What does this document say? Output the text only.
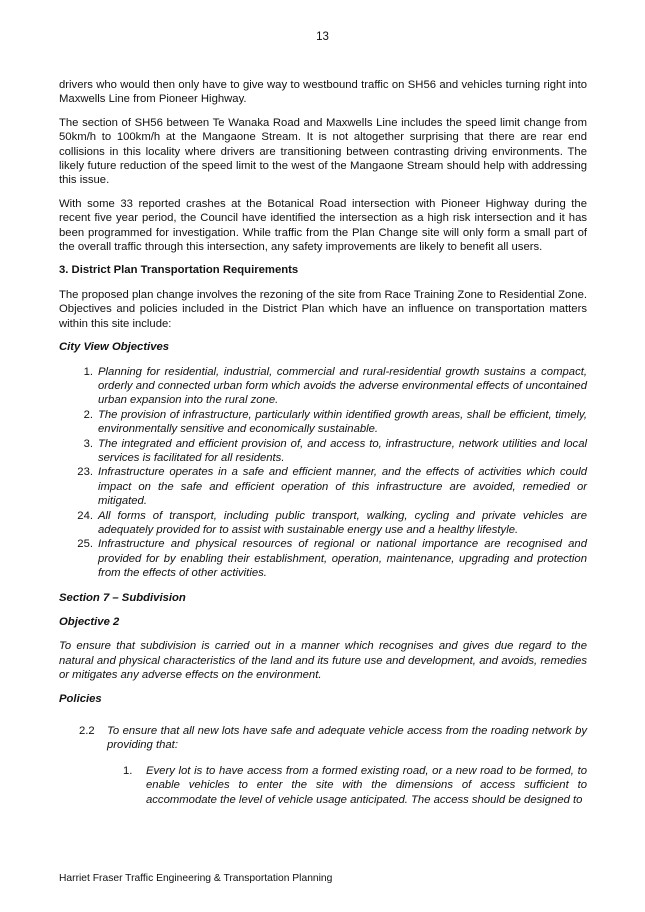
13

drivers who would then only have to give way to westbound traffic on SH56 and vehicles turning right into Maxwells Line from Pioneer Highway.

The section of SH56 between Te Wanaka Road and Maxwells Line includes the speed limit change from 50km/h to 100km/h at the Mangaone Stream. It is not altogether surprising that there are rear end collisions in this locality where drivers are transitioning between contrasting driving environments. The likely future reduction of the speed limit to the west of the Mangaone Stream should help with addressing this issue.

With some 33 reported crashes at the Botanical Road intersection with Pioneer Highway during the recent five year period, the Council have identified the intersection as a high risk intersection and it has been programmed for investigation. While traffic from the Plan Change site will only form a small part of the overall traffic through this intersection, any safety improvements are likely to benefit all users.

3. District Plan Transportation Requirements

The proposed plan change involves the rezoning of the site from Race Training Zone to Residential Zone. Objectives and policies included in the District Plan which have an influence on transportation matters within this site include:

City View Objectives
1. Planning for residential, industrial, commercial and rural-residential growth sustains a compact, orderly and connected urban form which avoids the adverse environmental effects of uncontained urban expansion into the rural zone.
2. The provision of infrastructure, particularly within identified growth areas, shall be efficient, timely, environmentally sensitive and economically sustainable.
3. The integrated and efficient provision of, and access to, infrastructure, network utilities and local services is facilitated for all residents.
23. Infrastructure operates in a safe and efficient manner, and the effects of activities which could impact on the safe and efficient operation of this infrastructure are avoided, remedied or mitigated.
24. All forms of transport, including public transport, walking, cycling and private vehicles are adequately provided for to assist with sustainable energy use and a healthy lifestyle.
25. Infrastructure and physical resources of regional or national importance are recognised and provided for by enabling their establishment, operation, maintenance, upgrading and protection from the effects of other activities.
Section 7 – Subdivision
Objective 2

To ensure that subdivision is carried out in a manner which recognises and gives due regard to the natural and physical characteristics of the land and its future use and development, and avoids, remedies or mitigates any adverse effects on the environment.

Policies
2.2 To ensure that all new lots have safe and adequate vehicle access from the roading network by providing that:
1. Every lot is to have access from a formed existing road, or a new road to be formed, to enable vehicles to enter the site with the dimensions of access sufficient to accommodate the level of vehicle usage anticipated. The access should be designed to
Harriet Fraser Traffic Engineering & Transportation Planning
